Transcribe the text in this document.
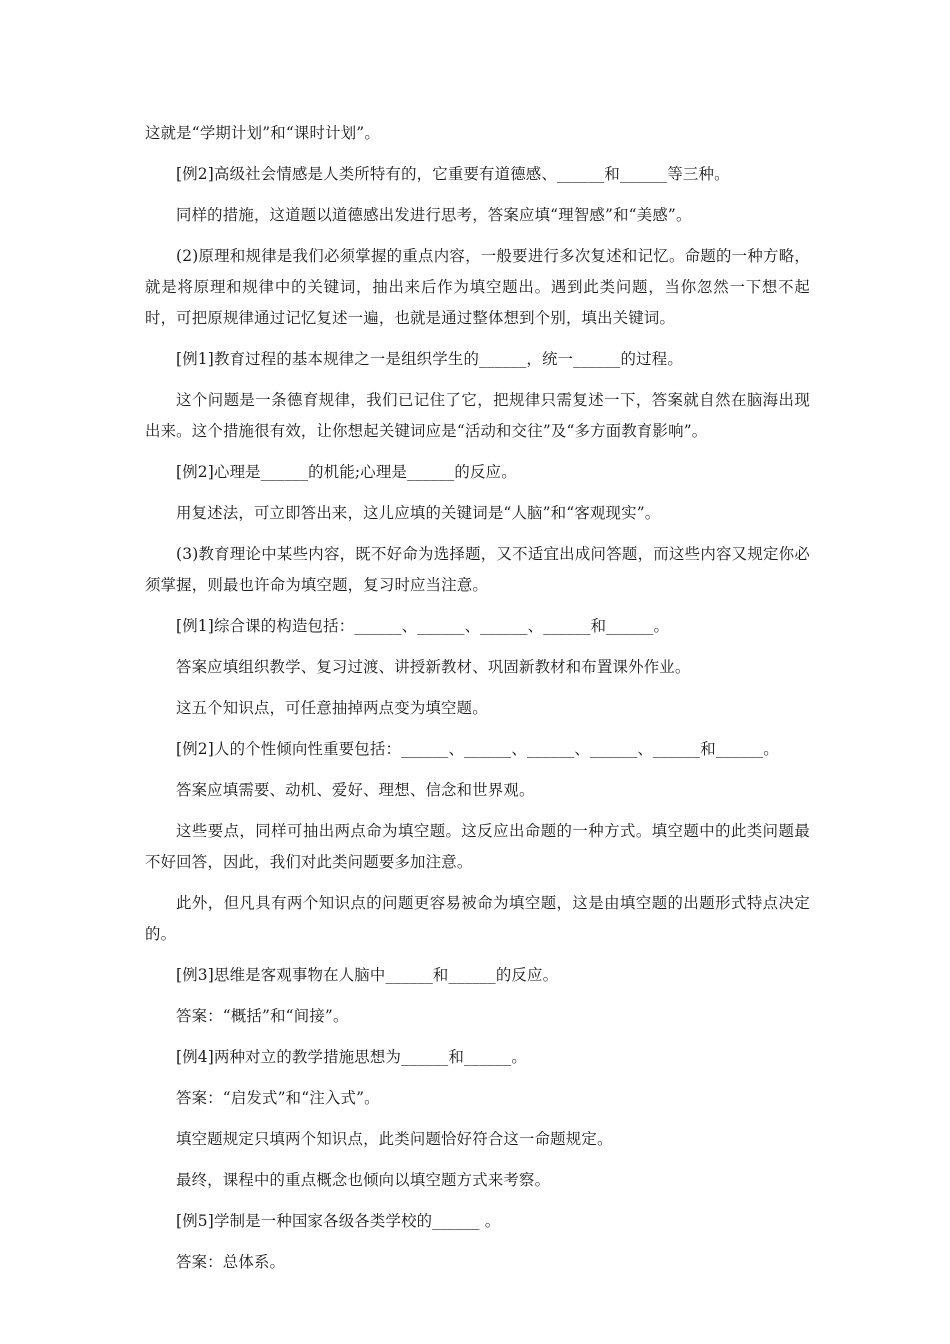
这就是“学期计划”和“课时计划”。

[例2]高级社会情感是人类所特有的，它重要有道德感、______和______等三种。

同样的措施，这道题以道德感出发进行思考，答案应填“理智感”和“美感”。

(2)原理和规律是我们必须掌握的重点内容，一般要进行多次复述和记忆。命题的一种方略，就是将原理和规律中的关键词，抽出来后作为填空题出。遇到此类问题，当你忽然一下想不起时，可把原规律通过记忆复述一遍，也就是通过整体想到个别，填出关键词。

[例1]教育过程的基本规律之一是组织学生的______，统一______的过程。

这个问题是一条德育规律，我们已记住了它，把规律只需复述一下，答案就自然在脑海出现出来。这个措施很有效，让你想起关键词应是“活动和交往”及“多方面教育影响”。

[例2]心理是______的机能;心理是______的反应。

用复述法，可立即答出来，这儿应填的关键词是“人脑”和“客观现实”。

(3)教育理论中某些内容，既不好命为选择题，又不适宜出成问答题，而这些内容又规定你必须掌握，则最也许命为填空题，复习时应当注意。

[例1]综合课的构造包括：______、______、______、______和______。

答案应填组织教学、复习过渡、讲授新教材、巩固新教材和布置课外作业。

这五个知识点，可任意抽掉两点变为填空题。

[例2]人的个性倾向性重要包括：______、______、______、______、______和______。

答案应填需要、动机、爱好、理想、信念和世界观。

这些要点，同样可抽出两点命为填空题。这反应出命题的一种方式。填空题中的此类问题最不好回答，因此，我们对此类问题要多加注意。

此外，但凡具有两个知识点的问题更容易被命为填空题，这是由填空题的出题形式特点决定的。

[例3]思维是客观事物在人脑中______和______的反应。

答案：“概括”和“间接”。

[例4]两种对立的教学措施思想为______和______。

答案：“启发式”和“注入式”。

填空题规定只填两个知识点，此类问题恰好符合这一命题规定。

最终，课程中的重点概念也倾向以填空题方式来考察。

[例5]学制是一种国家各级各类学校的______ 。

答案：总体系。
